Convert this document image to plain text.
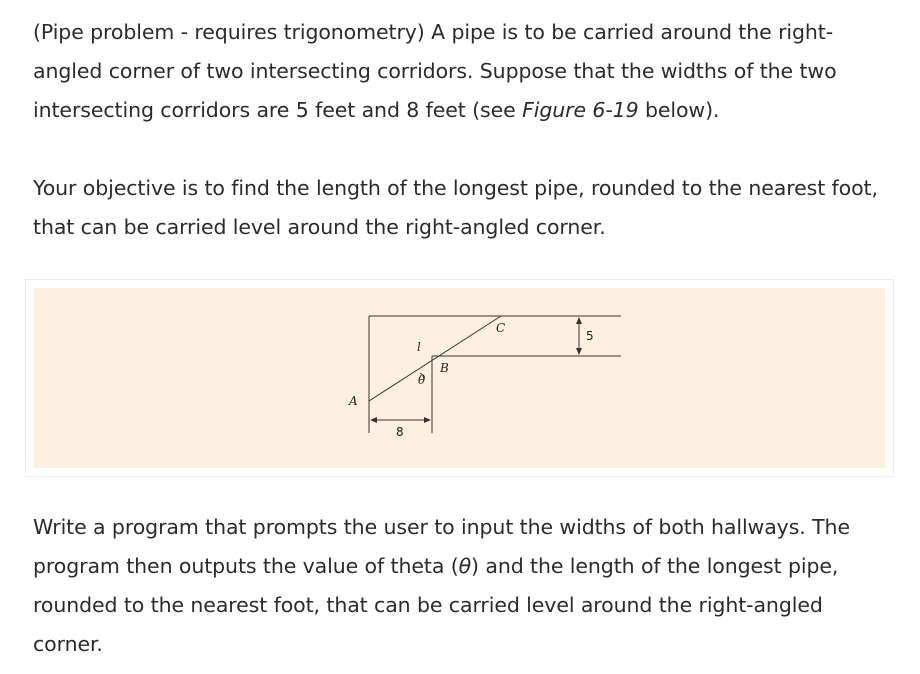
(Pipe problem - requires trigonometry) A pipe is to be carried around the right-angled corner of two intersecting corridors. Suppose that the widths of the two intersecting corridors are 5 feet and 8 feet (see Figure 6-19 below).

Your objective is to find the length of the longest pipe, rounded to the nearest foot, that can be carried level around the right-angled corner.

C
l
B
θ
A
5
8

Write a program that prompts the user to input the widths of both hallways. The program then outputs the value of theta (θ) and the length of the longest pipe, rounded to the nearest foot, that can be carried level around the right-angled corner.
